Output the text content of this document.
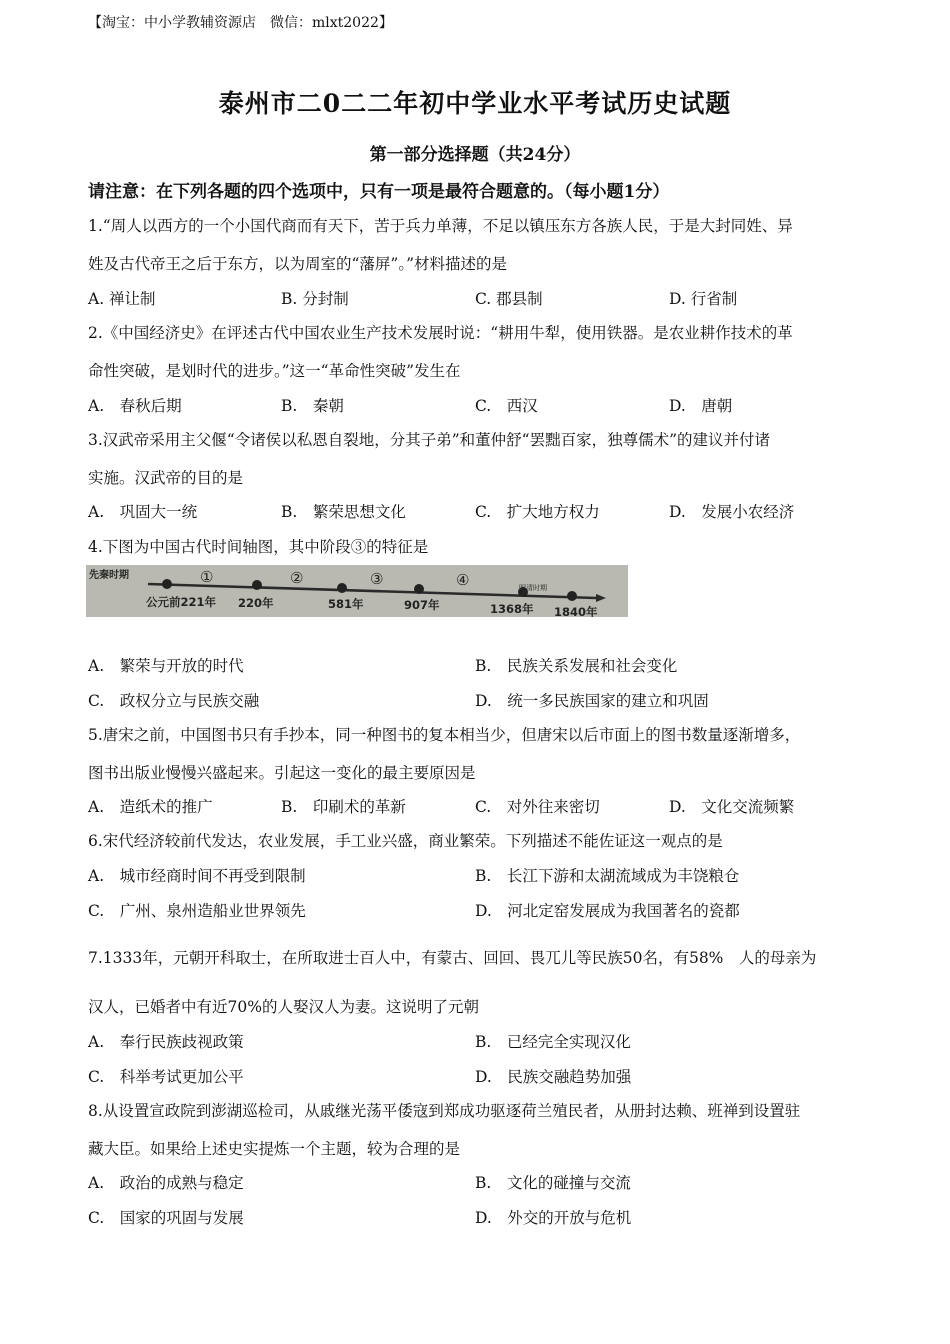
【淘宝：中小学教辅资源店　微信：mlxt2022】
泰州市二0二二年初中学业水平考试历史试题
第一部分选择题（共24分）
请注意：在下列各题的四个选项中，只有一项是最符合题意的。（每小题1分）
1.“周人以西方的一个小国代商而有天下，苦于兵力单薄，不足以镇压东方各族人民，于是大封同姓、异
姓及古代帝王之后于东方，以为周室的“藩屏”。”材料描述的是
A. 禅让制	B. 分封制	C. 郡县制	D. 行省制
2.《中国经济史》在评述古代中国农业生产技术发展时说：“耕用牛犁，使用铁器。是农业耕作技术的革
命性突破，是划时代的进步。”这一“革命性突破”发生在
A.　春秋后期	B.　秦朝	C.　西汉	D.　唐朝
3.汉武帝采用主父偃“令诸侯以私恩自裂地，分其子弟”和董仲舒“罢黜百家，独尊儒术”的建议并付诸
实施。汉武帝的目的是
A.　巩固大一统	B.　繁荣思想文化	C.　扩大地方权力	D.　发展小农经济
4.下图为中国古代时间轴图，其中阶段③的特征是
先秦时期
明清时期
①	②	③	④
公元前221年 220年	581年	907年	1368年 1840年
A.　繁荣与开放的时代	B.　民族关系发展和社会变化
C.　政权分立与民族交融	D.　统一多民族国家的建立和巩固
5.唐宋之前，中国图书只有手抄本，同一种图书的复本相当少，但唐宋以后市面上的图书数量逐渐增多，
图书出版业慢慢兴盛起来。引起这一变化的最主要原因是
A.　造纸术的推广	B.　印刷术的革新	C.　对外往来密切	D.　文化交流频繁
6.宋代经济较前代发达，农业发展，手工业兴盛，商业繁荣。下列描述不能佐证这一观点的是
A.　城市经商时间不再受到限制	B.　长江下游和太湖流域成为丰饶粮仓
C.　广州、泉州造船业世界领先	D.　河北定窑发展成为我国著名的瓷都
7.1333年，元朝开科取士，在所取进士百人中，有蒙古、回回、畏兀儿等民族50名，有58%　人的母亲为
汉人，已婚者中有近70%的人娶汉人为妻。这说明了元朝
A.　奉行民族歧视政策	B.　已经完全实现汉化
C.　科举考试更加公平	D.　民族交融趋势加强
8.从设置宣政院到澎湖巡检司，从戚继光荡平倭寇到郑成功驱逐荷兰殖民者，从册封达赖、班禅到设置驻
藏大臣。如果给上述史实提炼一个主题，较为合理的是
A.　政治的成熟与稳定	B.　文化的碰撞与交流
C.　国家的巩固与发展	D.　外交的开放与危机
